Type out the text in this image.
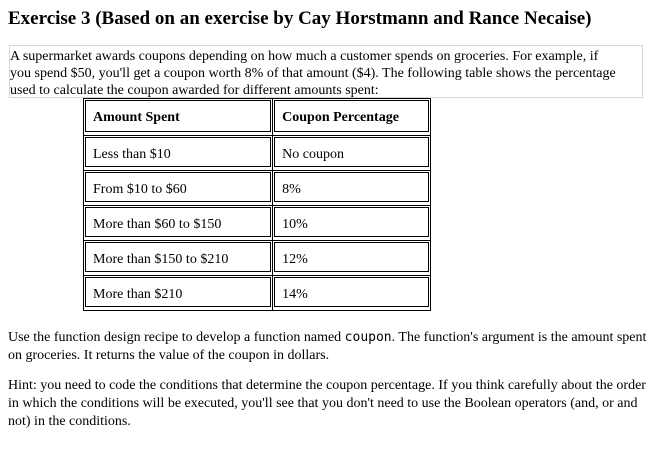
Exercise 3 (Based on an exercise by Cay Horstmann and Rance Necaise)
A supermarket awards coupons depending on how much a customer spends on groceries. For example, if
you spend $50, you'll get a coupon worth 8% of that amount ($4). The following table shows the percentage
used to calculate the coupon awarded for different amounts spent:
Amount Spent	Coupon Percentage

Less than $10	No coupon

From $10 to $60	8%

More than $60 to $150	10%

More than $150 to $210	12%

More than $210	14%
Use the function design recipe to develop a function named coupon. The function's argument is the amount spent on groceries. It returns the value of the coupon in dollars.
Hint: you need to code the conditions that determine the coupon percentage. If you think carefully about the order in which the conditions will be executed, you'll see that you don't need to use the Boolean operators (and, or and not) in the conditions.
